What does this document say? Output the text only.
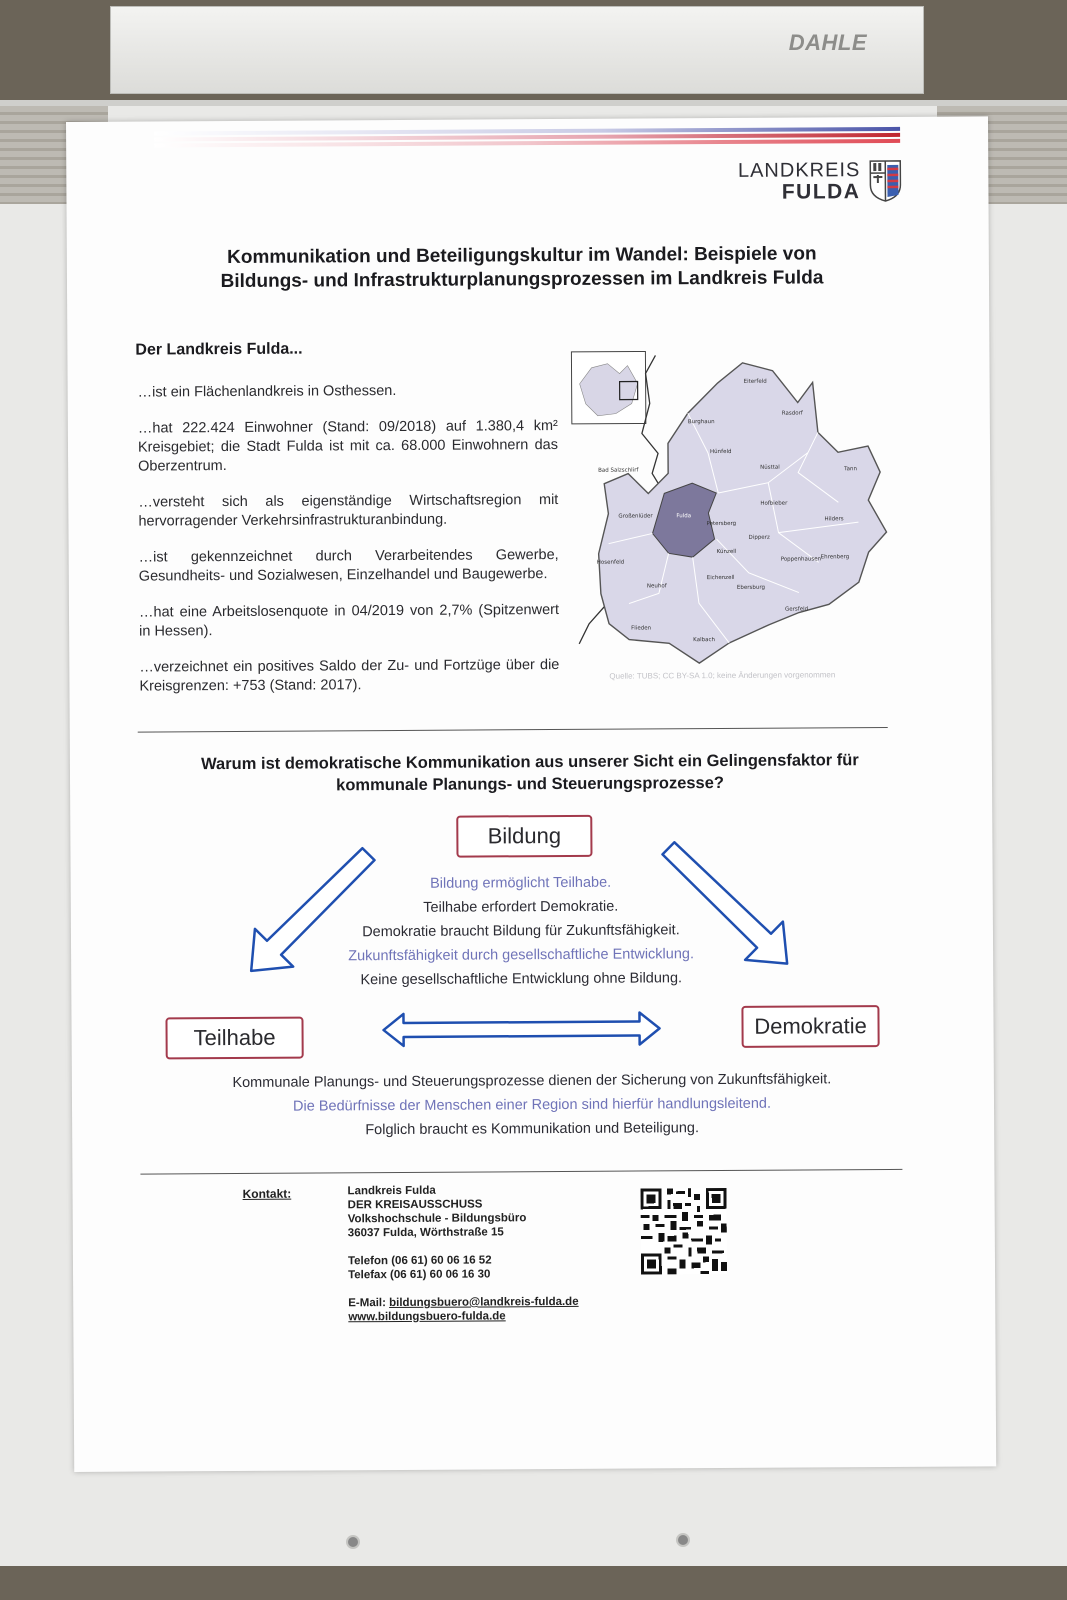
DAHLE
LANDKREIS
FULDA
Kommunikation und Beteiligungskultur im Wandel: Beispiele von
Bildungs- und Infrastrukturplanungsprozessen im Landkreis Fulda
Der Landkreis Fulda...
…ist ein Flächenlandkreis in Osthessen.
…hat 222.424 Einwohner (Stand: 09/2018) auf 1.380,4 km² Kreisgebiet; die Stadt Fulda ist mit ca. 68.000 Einwohnern das Oberzentrum.
…versteht sich als eigenständige Wirtschaftsregion mit hervorragender Verkehrsinfrastrukturanbindung.
…ist gekennzeichnet durch Verarbeitendes Gewerbe, Gesundheits- und Sozialwesen, Einzelhandel und Baugewerbe.
…hat eine Arbeitslosenquote in 04/2019 von 2,7% (Spitzenwert in Hessen).
…verzeichnet ein positives Saldo der Zu- und Fortzüge über die Kreisgrenzen: +753 (Stand: 2017).
Eiterfeld
Rasdorf
Burghaun
Hünfeld
Nüsttal	Tann
Bad Salzschlirf
Großenlüder	Fulda
Petersberg
Hofbieber
Hilders
Dipperz
Künzell
Hosenfeld
Poppenhausen Ehrenberg
Eichenzell
Ebersburg
Neuhof
Gersfeld
Flieden
Kalbach
Quelle: TUBS; CC BY-SA 1.0; keine Änderungen vorgenommen
Warum ist demokratische Kommunikation aus unserer Sicht ein Gelingensfaktor für
kommunale Planungs- und Steuerungsprozesse?
Bildung
Teilhabe	Demokratie
Bildung ermöglicht Teilhabe.
Teilhabe erfordert Demokratie.
Demokratie braucht Bildung für Zukunftsfähigkeit.
Zukunftsfähigkeit durch gesellschaftliche Entwicklung.
Keine gesellschaftliche Entwicklung ohne Bildung.
Kommunale Planungs- und Steuerungsprozesse dienen der Sicherung von Zukunftsfähigkeit.
Die Bedürfnisse der Menschen einer Region sind hierfür handlungsleitend.
Folglich braucht es Kommunikation und Beteiligung.
Kontakt:	Landkreis Fulda
DER KREISAUSSCHUSS
Volkshochschule - Bildungsbüro
36037 Fulda, Wörthstraße 15
Telefon (06 61) 60 06 16 52
Telefax (06 61) 60 06 16 30
E-Mail: bildungsbuero@landkreis-fulda.de
www.bildungsbuero-fulda.de
